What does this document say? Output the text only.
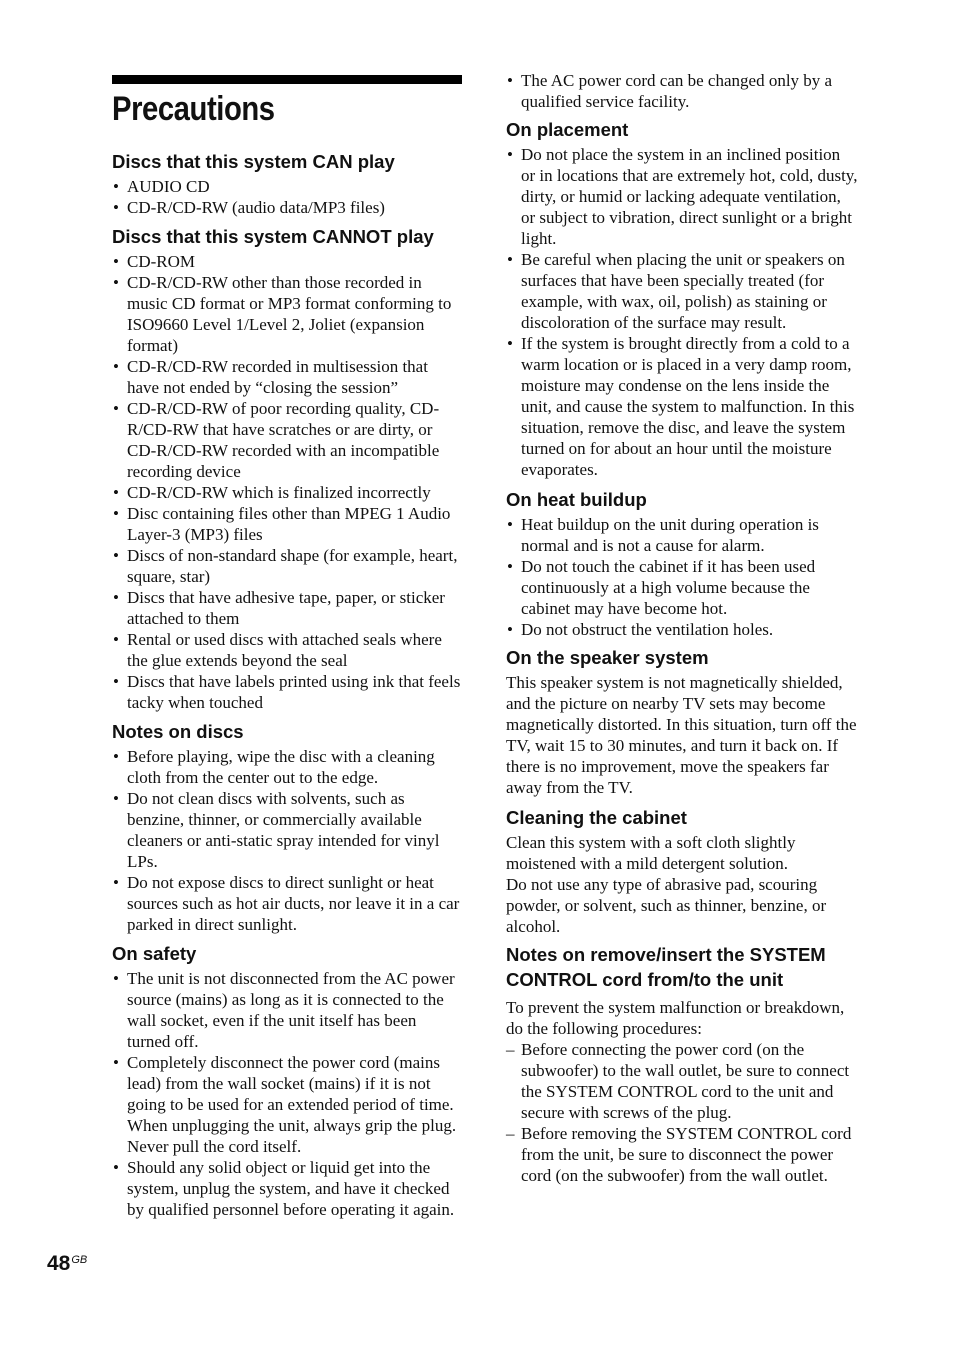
Precautions
Discs that this system CAN play
• AUDIO CD
• CD-R/CD-RW (audio data/MP3 files)
Discs that this system CANNOT play
• CD-ROM
• CD-R/CD-RW other than those recorded in music CD format or MP3 format conforming to ISO9660 Level 1/Level 2, Joliet (expansion format)
• CD-R/CD-RW recorded in multisession that have not ended by “closing the session”
• CD-R/CD-RW of poor recording quality, CD-R/CD-RW that have scratches or are dirty, or CD-R/CD-RW recorded with an incompatible recording device
• CD-R/CD-RW which is finalized incorrectly
• Disc containing files other than MPEG 1 Audio Layer-3 (MP3) files
• Discs of non-standard shape (for example, heart, square, star)
• Discs that have adhesive tape, paper, or sticker attached to them
• Rental or used discs with attached seals where the glue extends beyond the seal
• Discs that have labels printed using ink that feels tacky when touched
Notes on discs
• Before playing, wipe the disc with a cleaning cloth from the center out to the edge.
• Do not clean discs with solvents, such as benzine, thinner, or commercially available cleaners or anti-static spray intended for vinyl LPs.
• Do not expose discs to direct sunlight or heat sources such as hot air ducts, nor leave it in a car parked in direct sunlight.
On safety
• The unit is not disconnected from the AC power source (mains) as long as it is connected to the wall socket, even if the unit itself has been turned off.
• Completely disconnect the power cord (mains lead) from the wall socket (mains) if it is not going to be used for an extended period of time. When unplugging the unit, always grip the plug. Never pull the cord itself.
• Should any solid object or liquid get into the system, unplug the system, and have it checked by qualified personnel before operating it again.
• The AC power cord can be changed only by a qualified service facility.
On placement
• Do not place the system in an inclined position or in locations that are extremely hot, cold, dusty, dirty, or humid or lacking adequate ventilation, or subject to vibration, direct sunlight or a bright light.
• Be careful when placing the unit or speakers on surfaces that have been specially treated (for example, with wax, oil, polish) as staining or discoloration of the surface may result.
• If the system is brought directly from a cold to a warm location or is placed in a very damp room, moisture may condense on the lens inside the unit, and cause the system to malfunction. In this situation, remove the disc, and leave the system turned on for about an hour until the moisture evaporates.
On heat buildup
• Heat buildup on the unit during operation is normal and is not a cause for alarm.
• Do not touch the cabinet if it has been used continuously at a high volume because the cabinet may have become hot.
• Do not obstruct the ventilation holes.
On the speaker system

This speaker system is not magnetically shielded, and the picture on nearby TV sets may become magnetically distorted. In this situation, turn off the TV, wait 15 to 30 minutes, and turn it back on. If there is no improvement, move the speakers far away from the TV.

Cleaning the cabinet

Clean this system with a soft cloth slightly moistened with a mild detergent solution.

Do not use any type of abrasive pad, scouring powder, or solvent, such as thinner, benzine, or alcohol.

Notes on remove/insert the SYSTEM CONTROL cord from/to the unit

To prevent the system malfunction or breakdown, do the following procedures:

– Before connecting the power cord (on the subwoofer) to the wall outlet, be sure to connect the SYSTEM CONTROL cord to the unit and secure with screws of the plug.
– Before removing the SYSTEM CONTROL cord from the unit, be sure to disconnect the power cord (on the subwoofer) from the wall outlet.
$48^{GB}$
